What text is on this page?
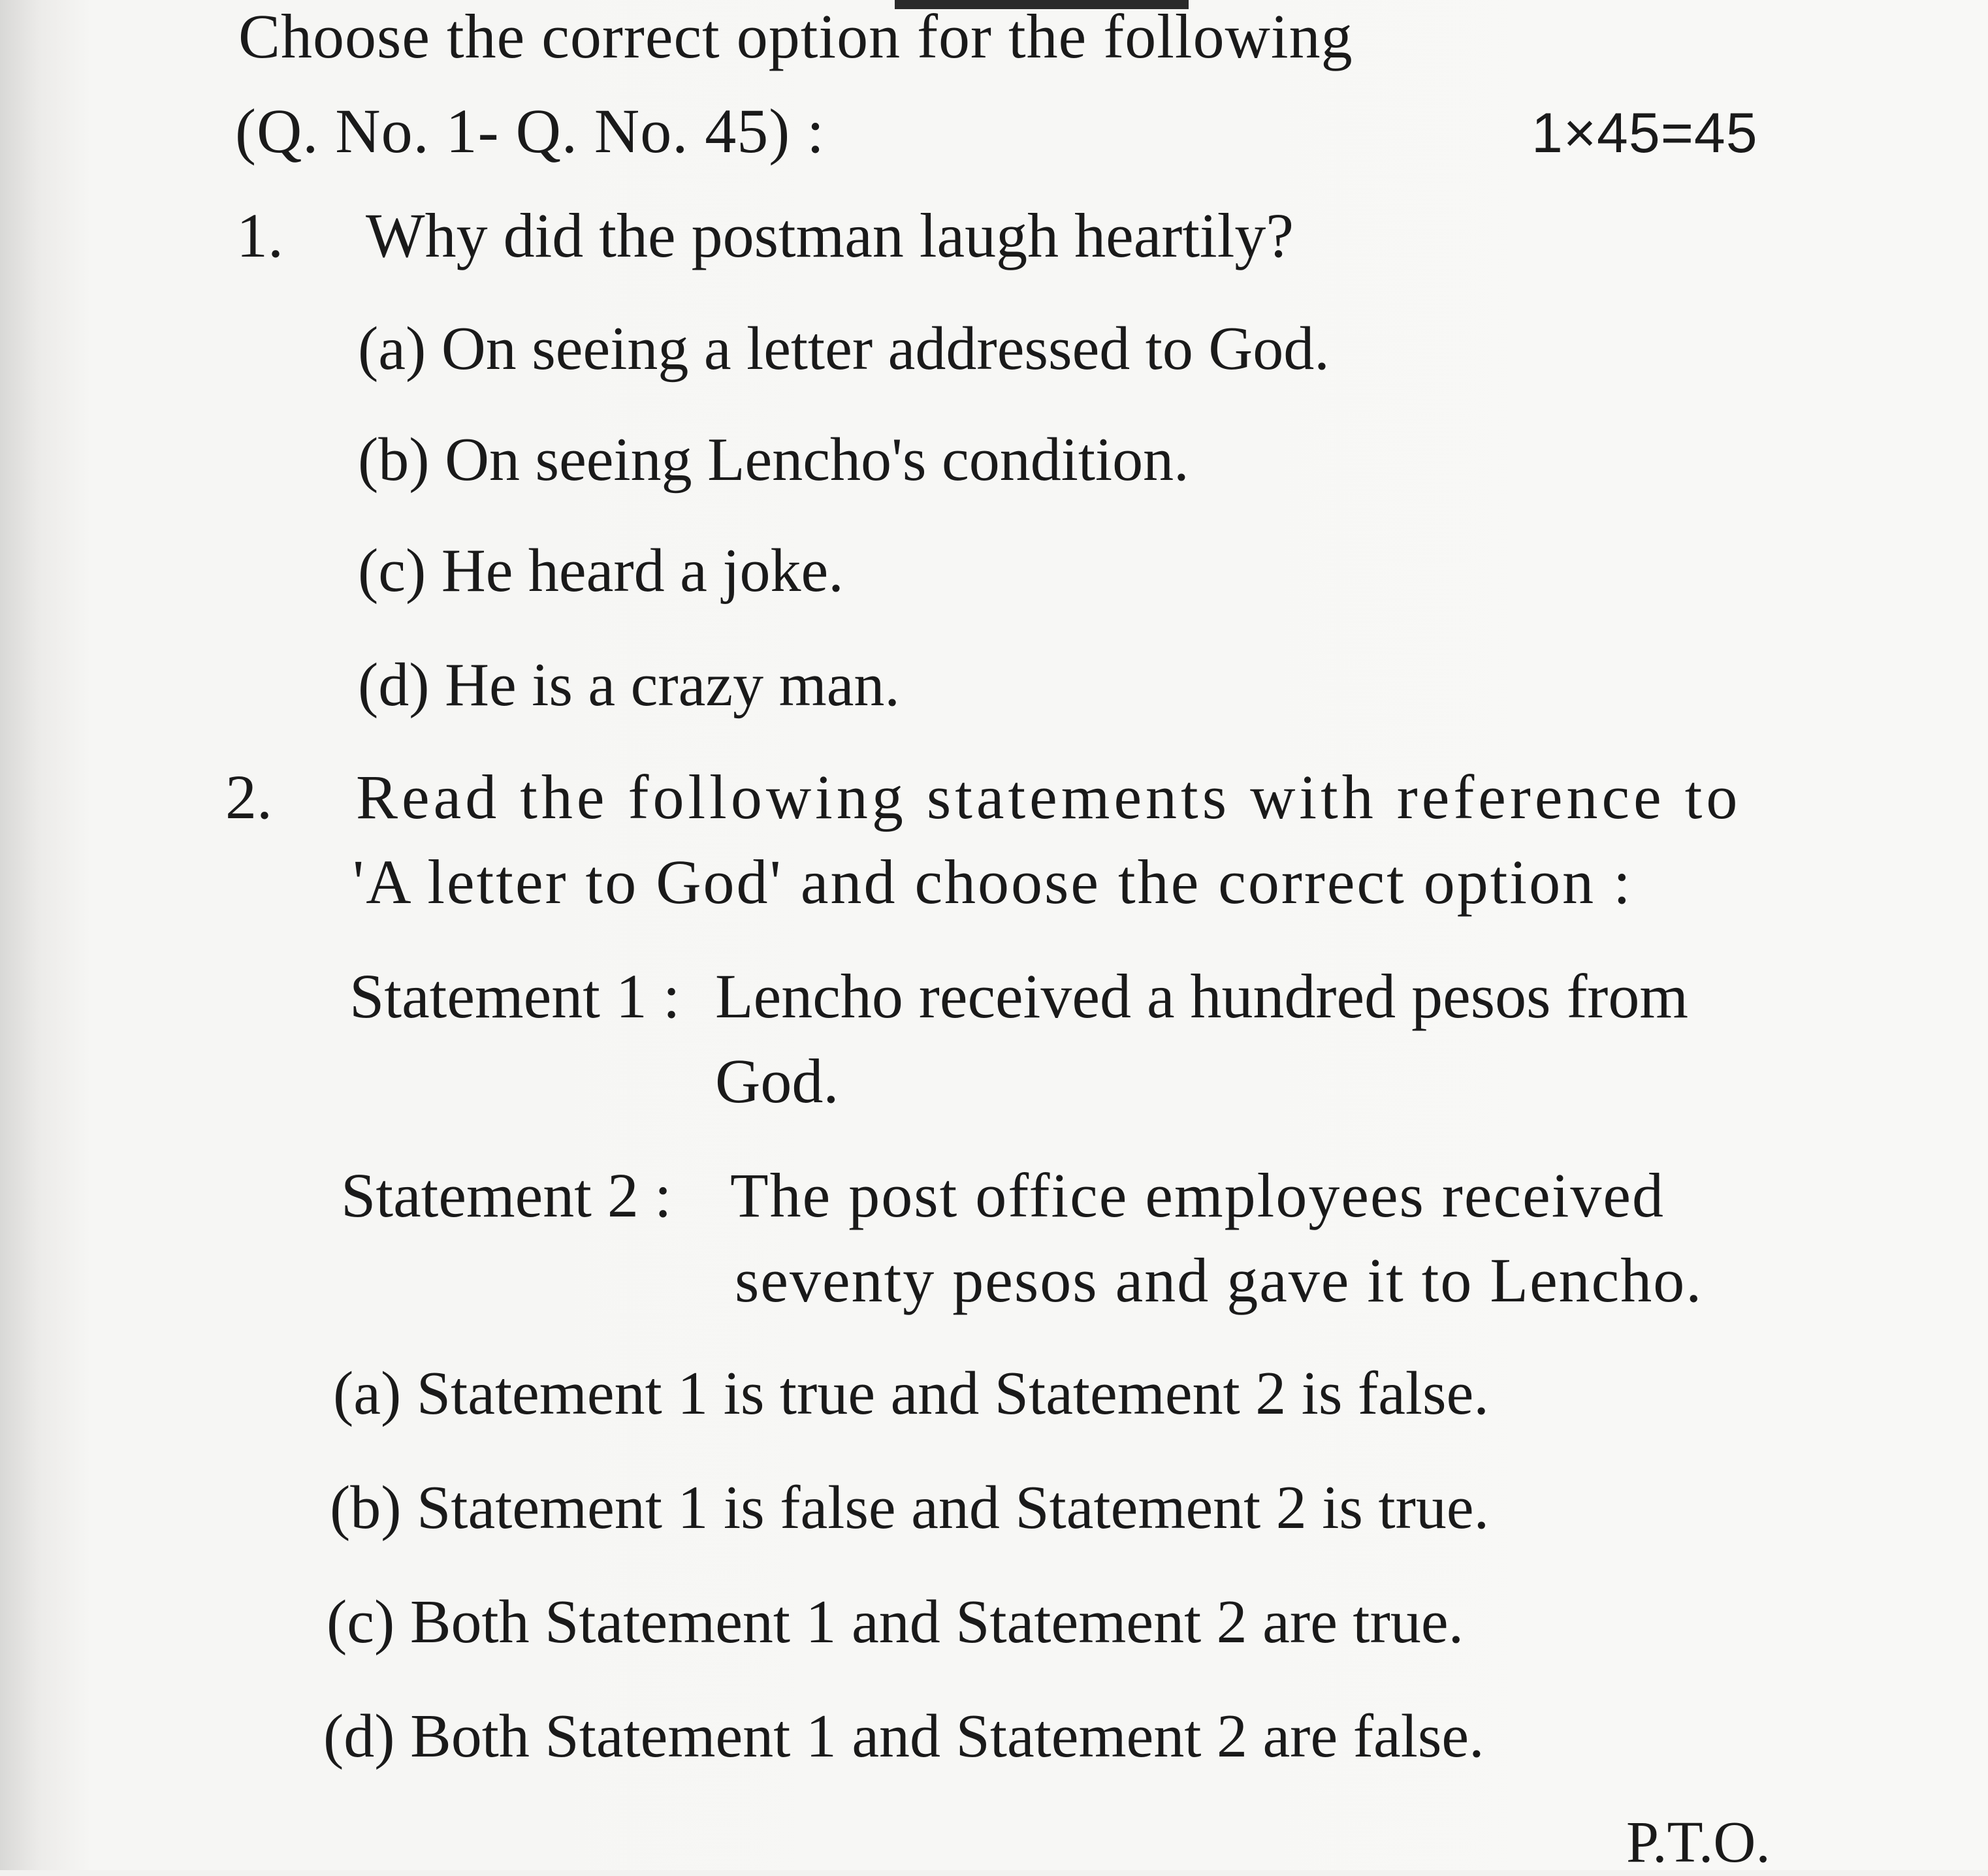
Choose the correct option for the following
(Q. No. 1- Q. No. 45) :	1×45=45
1. Why did the postman laugh heartily?
(a) On seeing a letter addressed to God.
(b) On seeing Lencho's condition.
(c) He heard a joke.
(d) He is a crazy man.
2. Read the following statements with reference to
'A letter to God' and choose the correct option :
Statement 1 : Lencho received a hundred pesos from
God.
Statement 2 : The post office employees received
seventy pesos and gave it to Lencho.
(a) Statement 1 is true and Statement 2 is false.
(b) Statement 1 is false and Statement 2 is true.
(c) Both Statement 1 and Statement 2 are true.
(d) Both Statement 1 and Statement 2 are false.
P.T.O.
